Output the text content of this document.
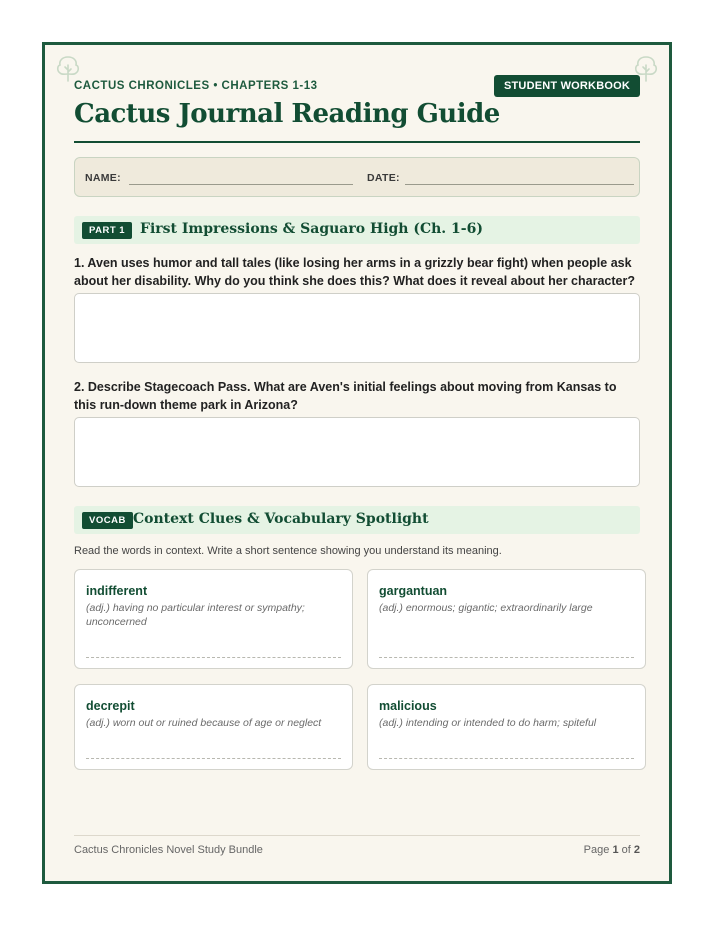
CACTUS CHRONICLES • CHAPTERS 1-13	STUDENT WORKBOOK
Cactus Journal Reading Guide
NAME:	DATE:
PART 1	First Impressions & Saguaro High (Ch. 1-6)

1. Aven uses humor and tall tales (like losing her arms in a grizzly bear fight) when people ask about her disability. Why do you think she does this? What does it reveal about her character?

2. Describe Stagecoach Pass. What are Aven's initial feelings about moving from Kansas to this run-down theme park in Arizona?

VOCAB Context Clues & Vocabulary Spotlight
Read the words in context. Write a short sentence showing you understand its meaning.
indifferent
(adj.) having no particular interest or sympathy; unconcerned
gargantuan
(adj.) enormous; gigantic; extraordinarily large
decrepit
(adj.) worn out or ruined because of age or neglect
malicious
(adj.) intending or intended to do harm; spiteful
Cactus Chronicles Novel Study Bundle	Page 1 of 2
